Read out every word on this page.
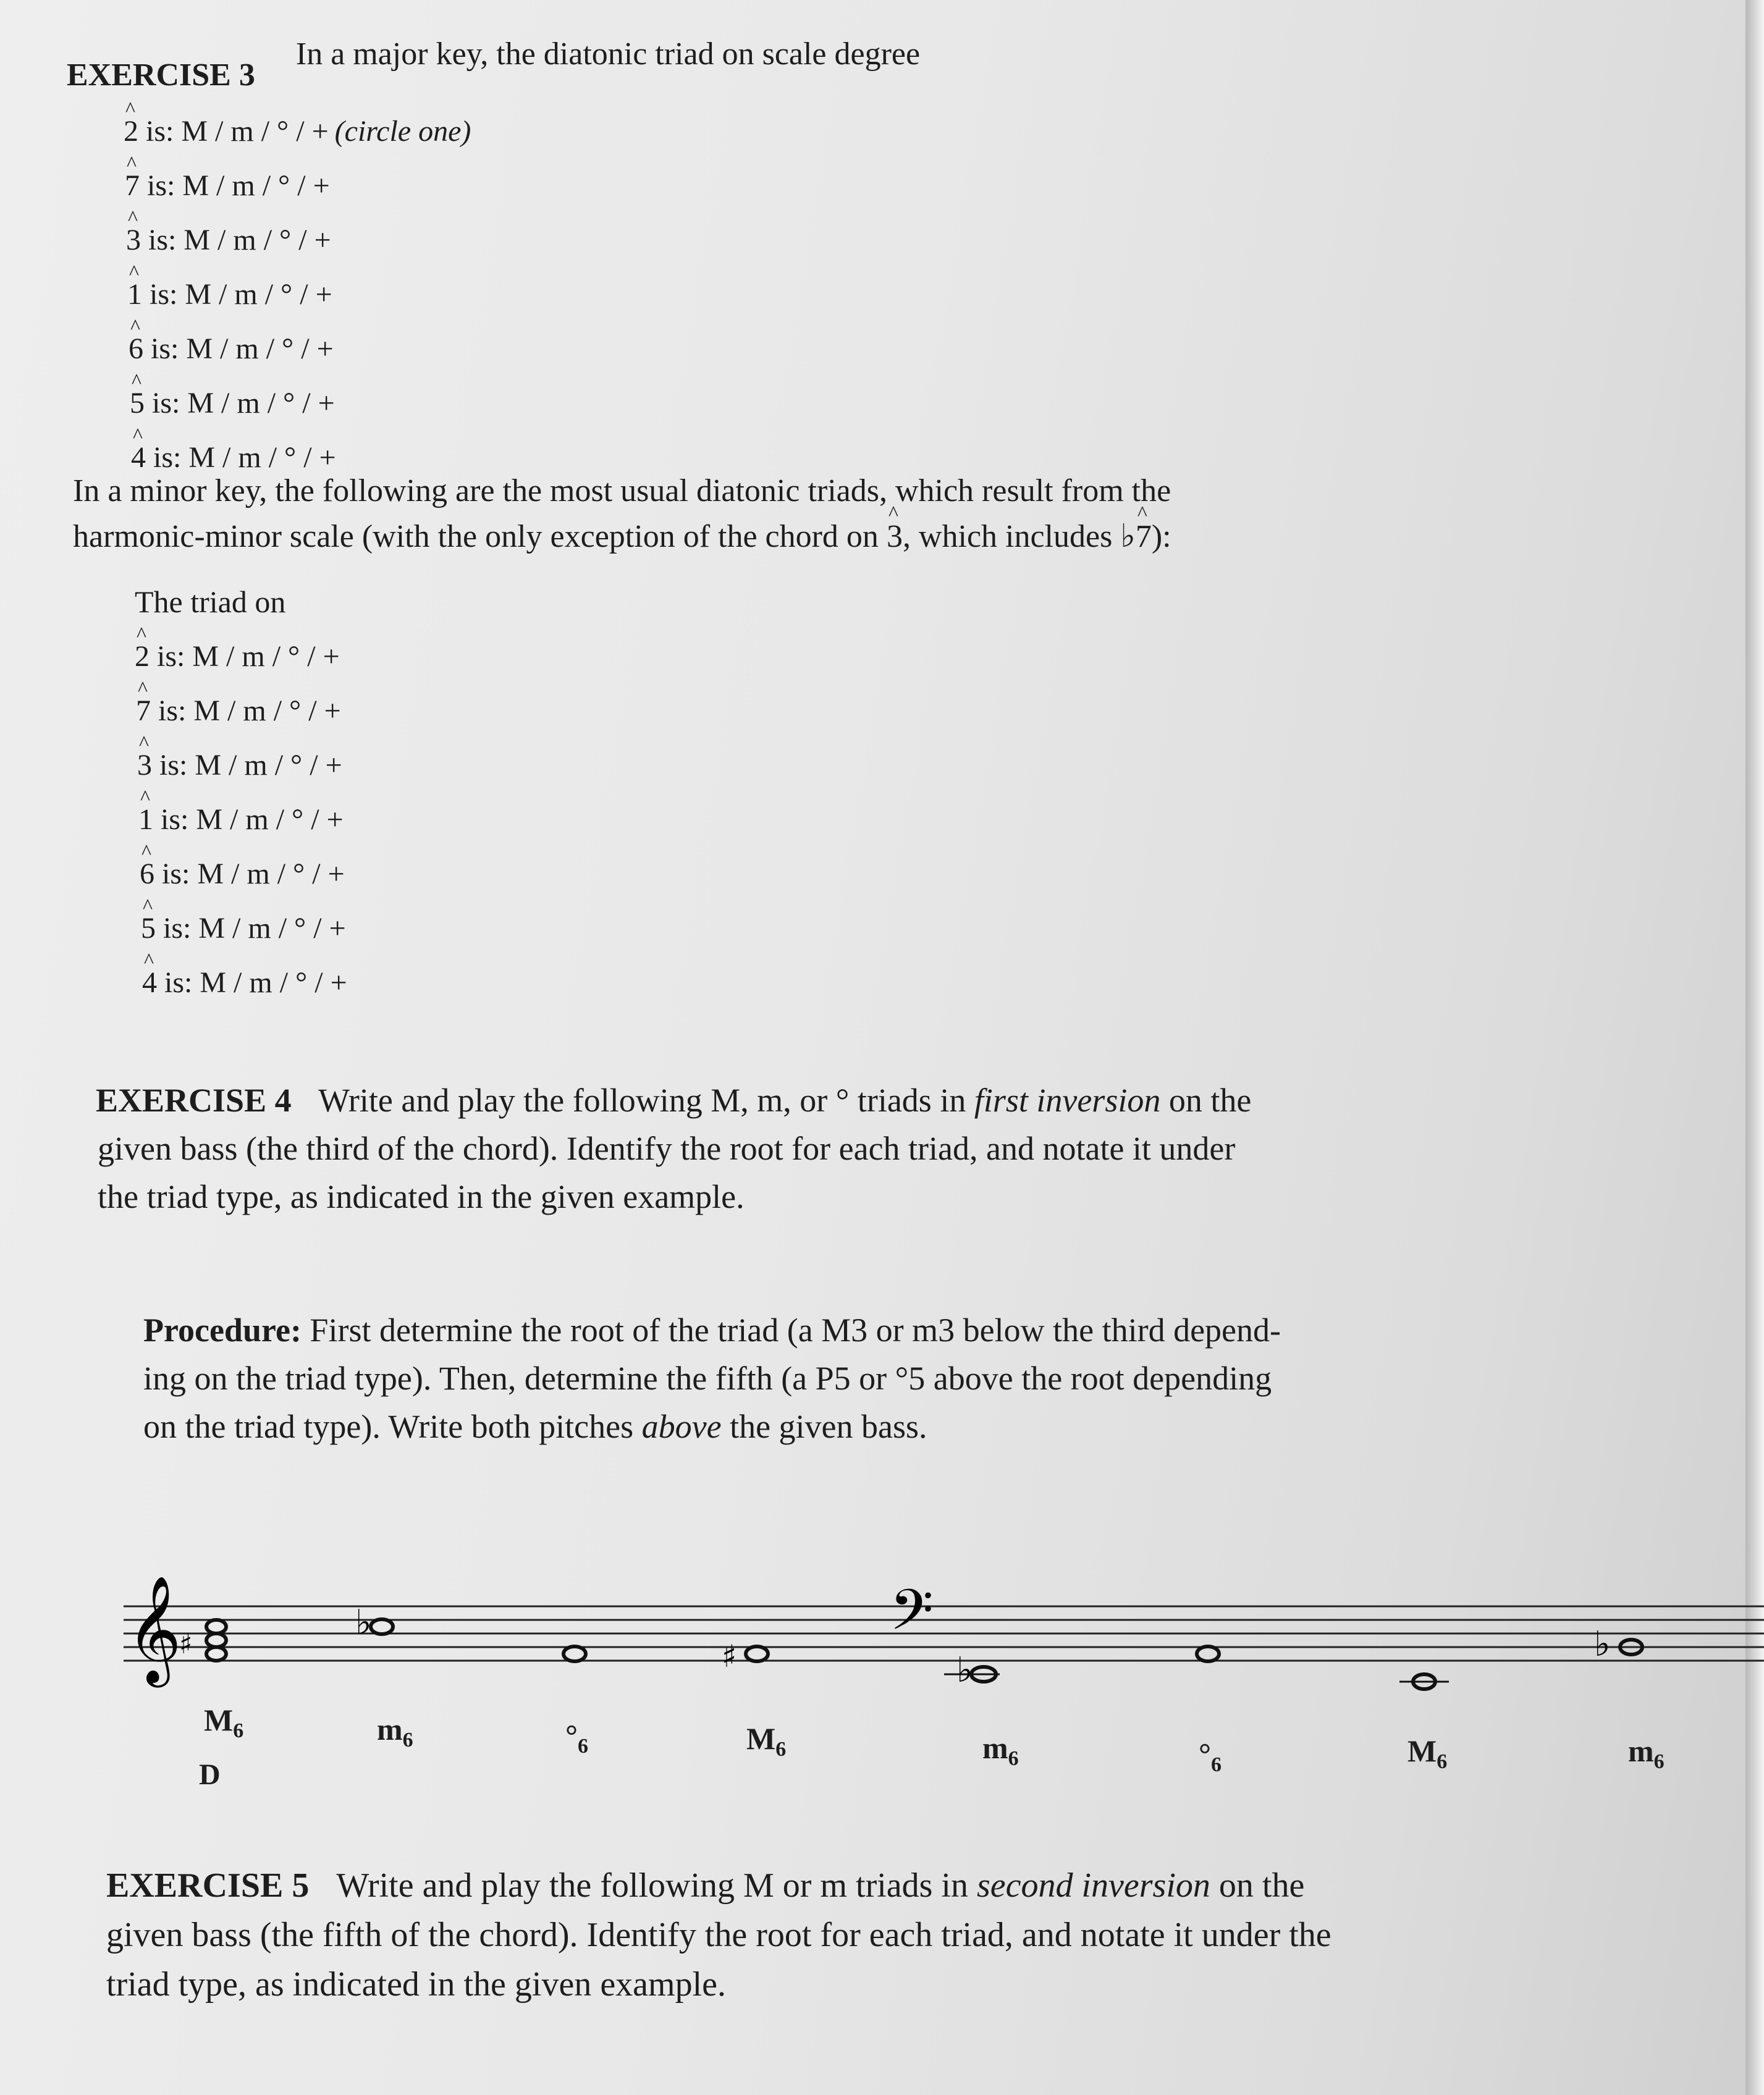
EXERCISE 3  In a major key, the diatonic triad on scale degree
^ 2 is: M / m / ° / + (circle one)
^ 7 is: M / m / ° / +
^ 3 is: M / m / ° / +
^ 1 is: M / m / ° / +
^ 6 is: M / m / ° / +
^ 5 is: M / m / ° / +
^ 4 is: M / m / ° / +
In a minor key, the following are the most usual diatonic triads, which result from the
harmonic-minor scale (with the only exception of the chord on ^ 3, which includes ♭^ 7):
The triad on
^ 2 is: M / m / ° / +
^ 7 is: M / m / ° / +
^ 3 is: M / m / ° / +
^ 1 is: M / m / ° / +
^ 6 is: M / m / ° / +
^ 5 is: M / m / ° / +
^ 4 is: M / m / ° / +
EXERCISE 4 Write and play the following M, m, or ° triads in first inversion on the
given bass (the third of the chord). Identify the root for each triad, and notate it under
the triad type, as indicated in the given example.
Procedure: First determine the root of the triad (a M3 or m3 below the third depend-
ing on the triad type). Then, determine the fifth (a P5 or °5 above the root depending
on the triad type). Write both pitches above the given bass.
𝄞	𝄢
♯
♭
♯	♭
♭
$M_6$	$m_6$	$^\circ_6$	$M_6$	$m_6$	$^\circ_6$	$M_6$	$m_6$
D
EXERCISE 5 Write and play the following M or m triads in second inversion on the
given bass (the fifth of the chord). Identify the root for each triad, and notate it under the
triad type, as indicated in the given example.
